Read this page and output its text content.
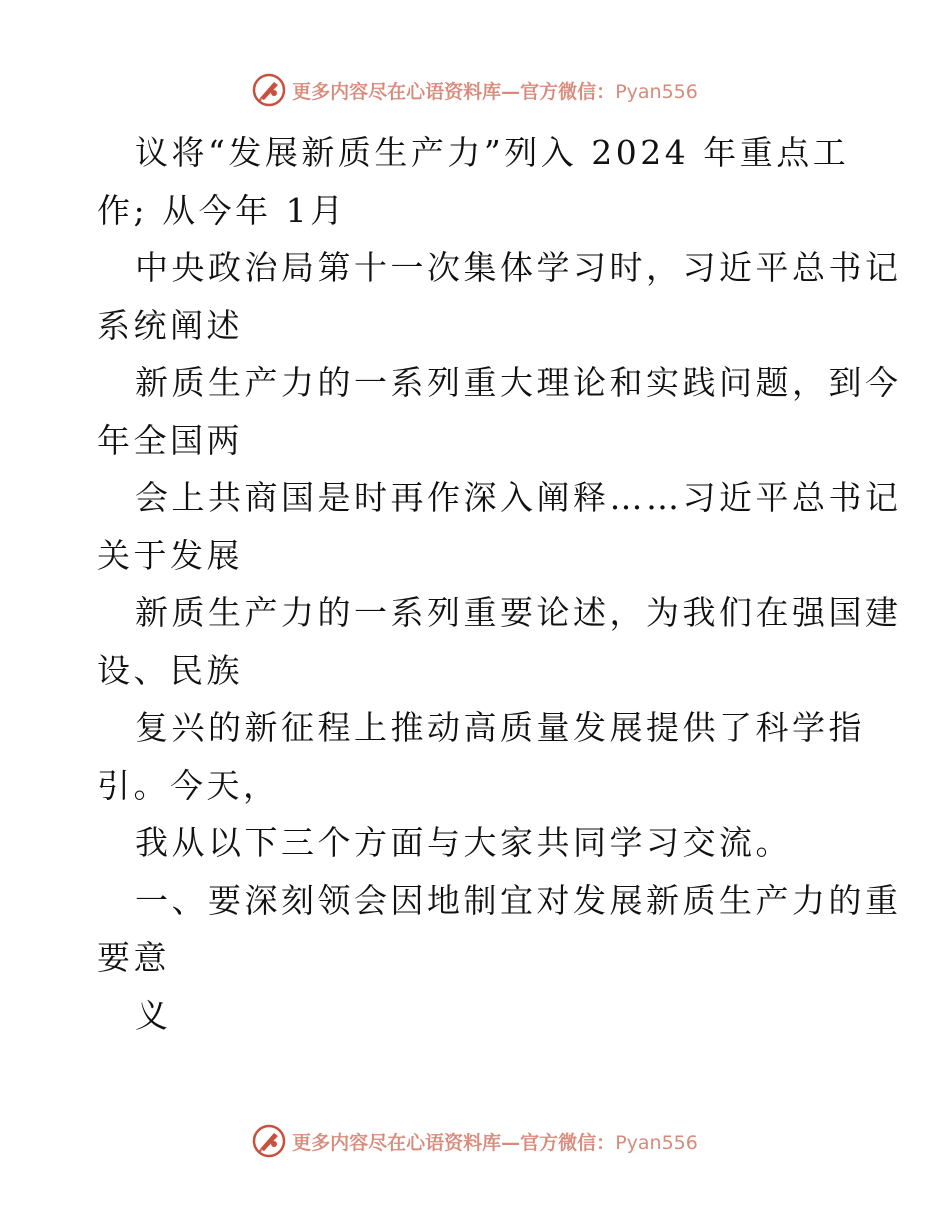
更多内容尽在心语资料库—官方微信：Pyan556
议将“发展新质生产力”列入 2024 年重点工
作; 从今年 1月
中央政治局第十一次集体学习时，习近平总书记
系统阐述
新质生产力的一系列重大理论和实践问题，到今
年全国两
会上共商国是时再作深入阐释……习近平总书记
关于发展
新质生产力的一系列重要论述，为我们在强国建
设、民族
复兴的新征程上推动高质量发展提供了科学指
引。今天，
我从以下三个方面与大家共同学习交流。
一、要深刻领会因地制宜对发展新质生产力的重
要意
义
更多内容尽在心语资料库—官方微信：Pyan556
